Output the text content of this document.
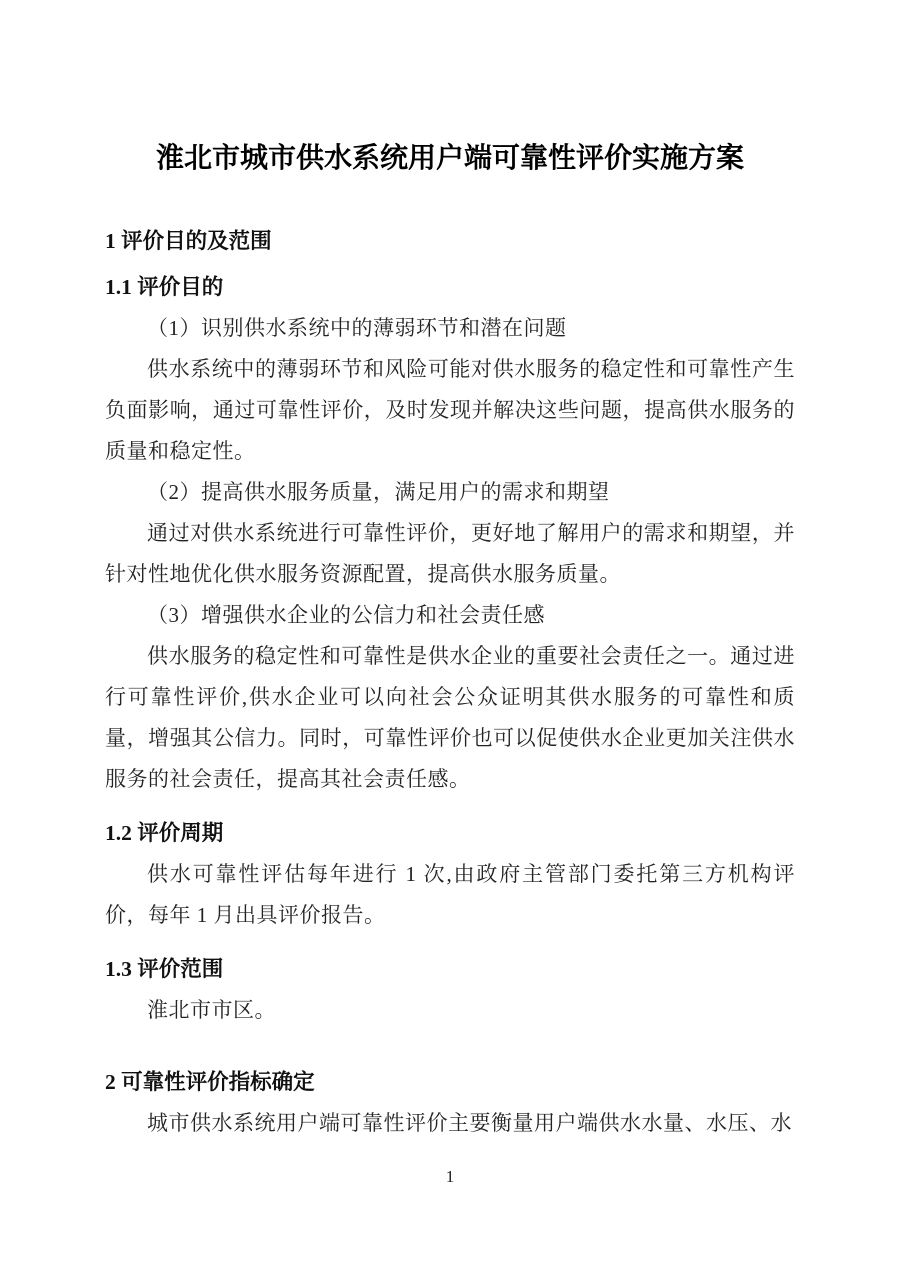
淮北市城市供水系统用户端可靠性评价实施方案
1 评价目的及范围
1.1 评价目的

（1）识别供水系统中的薄弱环节和潜在问题

供水系统中的薄弱环节和风险可能对供水服务的稳定性和可靠性产生负面影响，通过可靠性评价，及时发现并解决这些问题，提高供水服务的质量和稳定性。

（2）提高供水服务质量，满足用户的需求和期望

通过对供水系统进行可靠性评价，更好地了解用户的需求和期望，并针对性地优化供水服务资源配置，提高供水服务质量。

（3）增强供水企业的公信力和社会责任感

供水服务的稳定性和可靠性是供水企业的重要社会责任之一。通过进行可靠性评价,供水企业可以向社会公众证明其供水服务的可靠性和质量，增强其公信力。同时，可靠性评价也可以促使供水企业更加关注供水服务的社会责任，提高其社会责任感。

1.2 评价周期

供水可靠性评估每年进行 1 次,由政府主管部门委托第三方机构评价，每年 1 月出具评价报告。

1.3 评价范围

淮北市市区。

2 可靠性评价指标确定

城市供水系统用户端可靠性评价主要衡量用户端供水水量、水压、水

1
